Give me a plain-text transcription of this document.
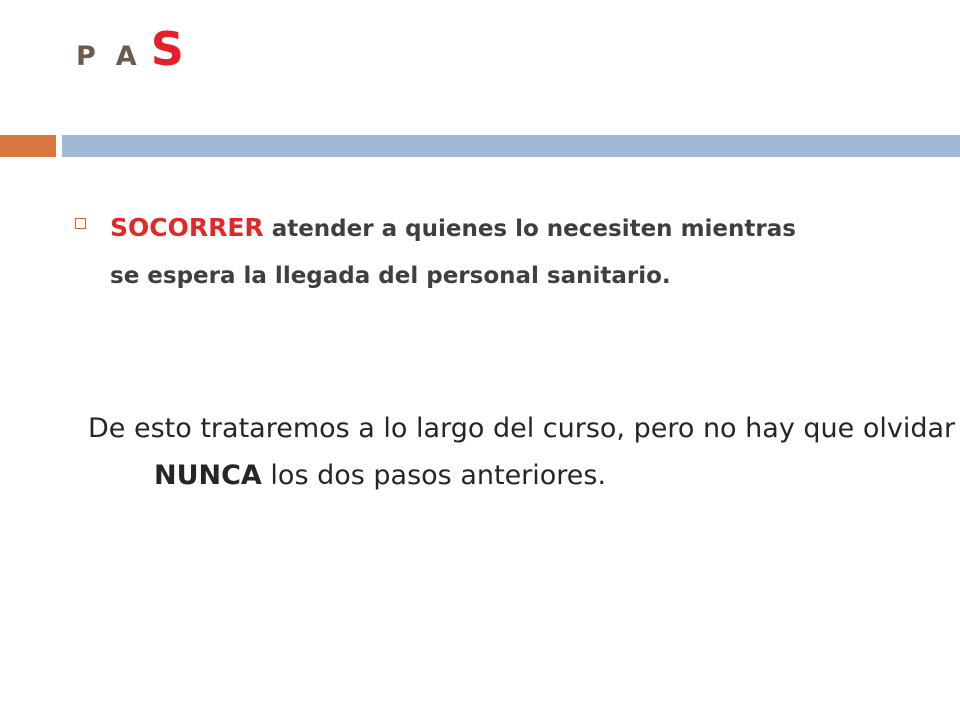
P A S

SOCORRER atender a quienes lo necesiten mientras se espera la llegada del personal sanitario.

De esto trataremos a lo largo del curso, pero no hay que olvidar NUNCA los dos pasos anteriores.
